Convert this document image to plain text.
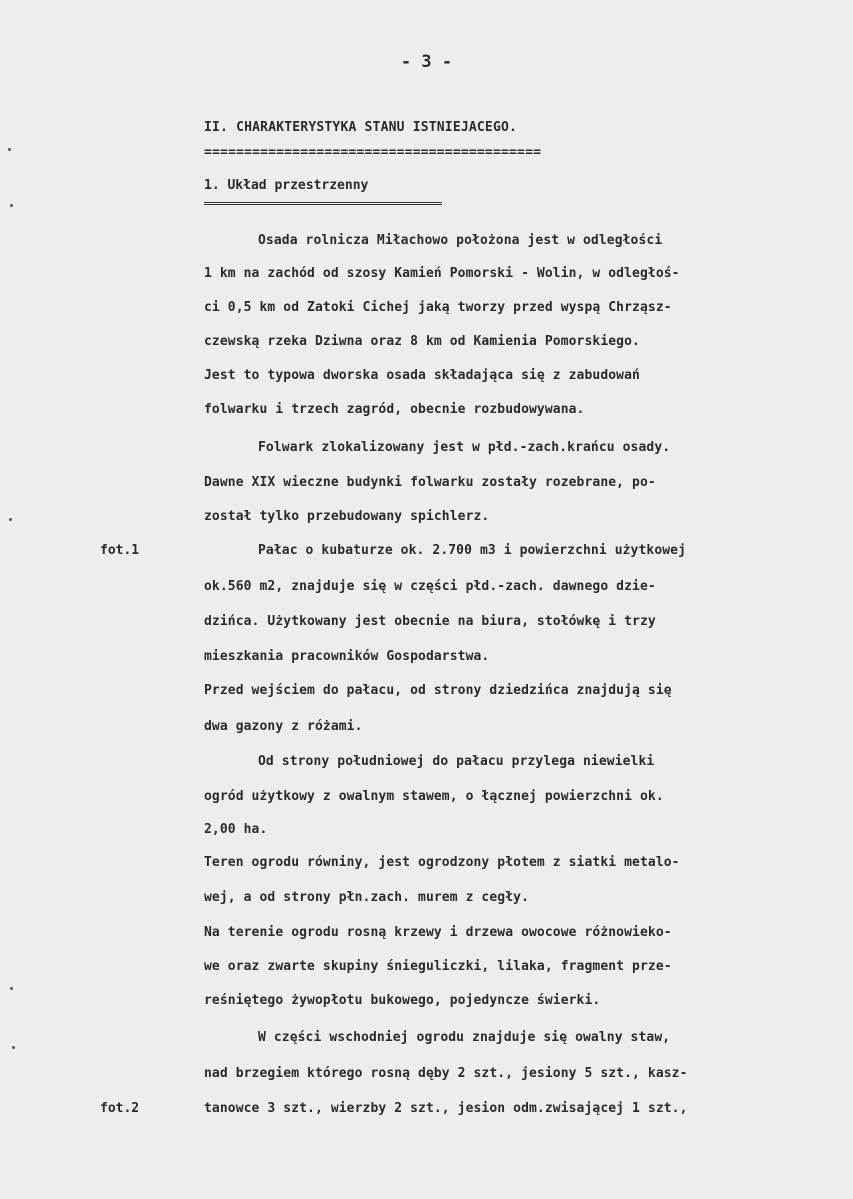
- 3 -
II. CHARAKTERYSTYKA STANU ISTNIEJACEGO.
==========================================
1. Układ przestrzenny
fot.1
fot.2
Osada rolnicza Miłachowo położona jest w odległości
1 km na zachód od szosy Kamień Pomorski - Wolin, w odległoś-
ci 0,5 km od Zatoki Cichej jaką tworzy przed wyspą Chrząsz-
czewską rzeka Dziwna oraz 8 km od Kamienia Pomorskiego.
Jest to typowa dworska osada składająca się z zabudowań
folwarku i trzech zagród, obecnie rozbudowywana.
Folwark zlokalizowany jest w płd.-zach.krańcu osady.
Dawne XIX wieczne budynki folwarku zostały rozebrane, po-
został tylko przebudowany spichlerz.
Pałac o kubaturze ok. 2.700 m3 i powierzchni użytkowej
ok.560 m2, znajduje się w części płd.-zach. dawnego dzie-
dzińca. Użytkowany jest obecnie na biura, stołówkę i trzy
mieszkania pracowników Gospodarstwa.
Przed wejściem do pałacu, od strony dziedzińca znajdują się
dwa gazony z różami.
Od strony południowej do pałacu przylega niewielki
ogród użytkowy z owalnym stawem, o łącznej powierzchni ok.
2,00 ha.
Teren ogrodu równiny, jest ogrodzony płotem z siatki metalo-
wej, a od strony płn.zach. murem z cegły.
Na terenie ogrodu rosną krzewy i drzewa owocowe różnowieko-
we oraz zwarte skupiny śnieguliczki, lilaka, fragment prze-
reśniętego żywopłotu bukowego, pojedyncze świerki.
W części wschodniej ogrodu znajduje się owalny staw,
nad brzegiem którego rosną dęby 2 szt., jesiony 5 szt., kasz-
tanowce 3 szt., wierzby 2 szt., jesion odm.zwisającej 1 szt.,
